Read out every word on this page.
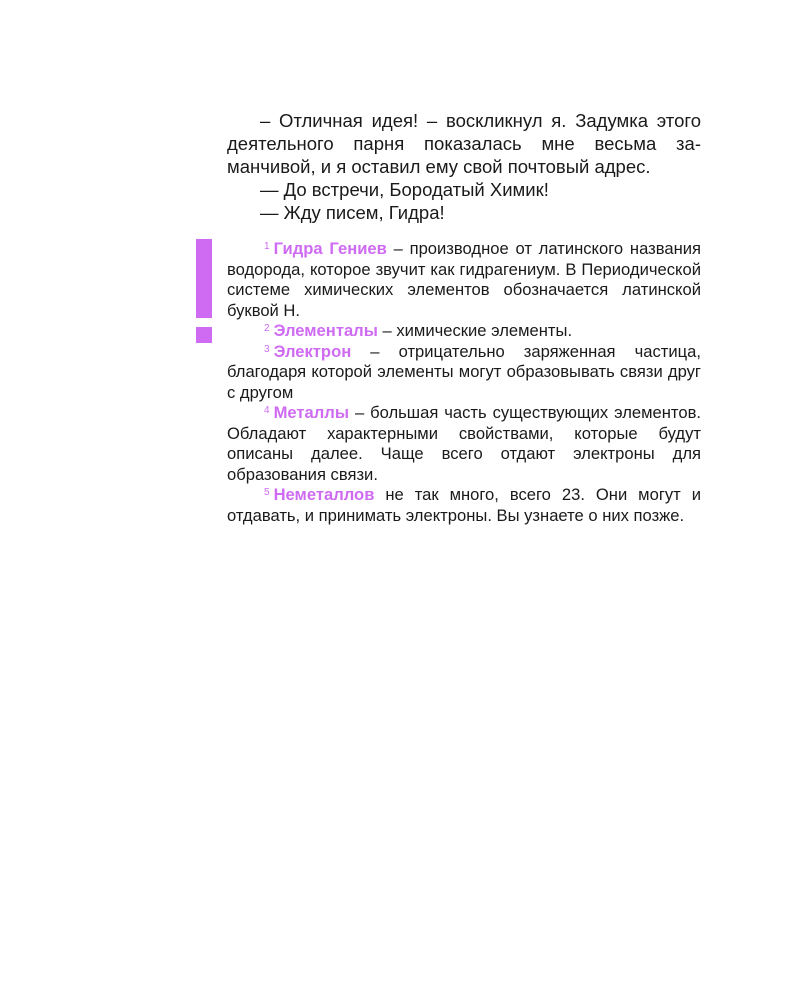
– Отличная идея! – воскликнул я. Задумка этого деятельного парня показалась мне весьма заманчивой, и я оставил ему свой почтовый адрес.

— До встречи, Бородатый Химик!

— Жду писем, Гидра!

$^1$ Гидра Гениев – производное от латинского названия водорода, которое звучит как гидрагениум. В Периодической системе химических элементов обозначается латинской буквой H.

$^2$ Элементалы – химические элементы.

$^3$ Электрон – отрицательно заряженная частица, благодаря которой элементы могут образовывать связи друг с другом

$^4$ Металлы – большая часть существующих элементов. Обладают характерными свойствами, которые будут описаны далее. Чаще всего отдают электроны для образования связи.

$^5$ Неметаллов не так много, всего 23. Они могут и отдавать, и принимать электроны. Вы узнаете о них позже.
